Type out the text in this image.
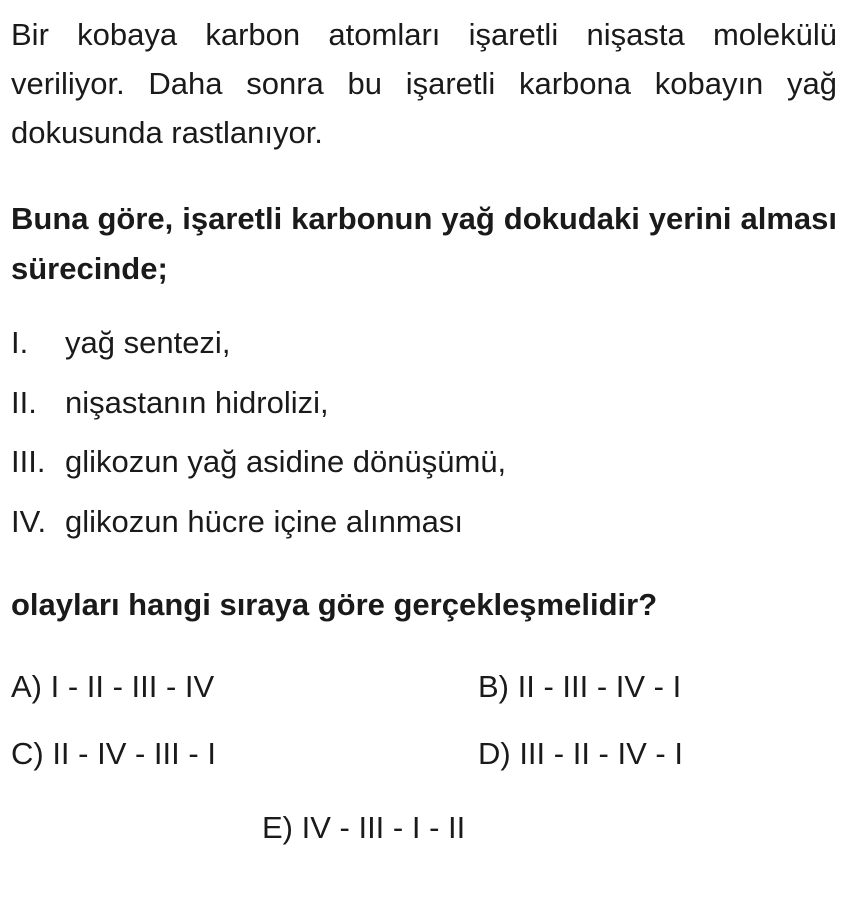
Bir kobaya karbon atomları işaretli nişasta molekülü veriliyor. Daha sonra bu işaretli karbona kobayın yağ dokusunda rastlanıyor.

Buna göre, işaretli karbonun yağ dokudaki yerini alması sürecinde;

I. yağ sentezi,
II. nişastanın hidrolizi,
III. glikozun yağ asidine dönüşümü,
IV. glikozun hücre içine alınması

olayları hangi sıraya göre gerçekleşmelidir?

A) I - II - III - IV	B) II - III - IV - I
C) II - IV - III - I	D) III - II - IV - I
E) IV - III - I - II
